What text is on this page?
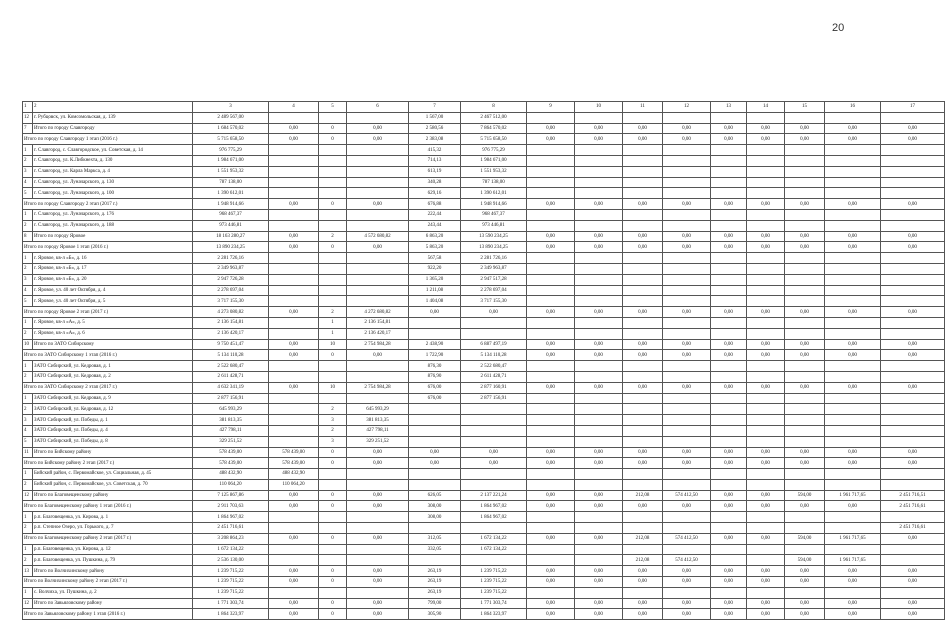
20
1	2	3	4	5	6	7	8	9	10	11	12	13	14	15	16	17
12	г. Рубцовск, ул. Комсомольская, д. 139	2 489 567,00				1 567,00	2 467 512,00									
7	Итого по городу Славгороду	1 684 570,02	0,00	0	0,00	2 580,56	7 864 570,02	0,00	0,00	0,00	0,00	0,00	0,00	0,00	0,00	0,00
Итого по городу Славгороду 1 этап (2016 г.)		5 715 658,50	0,00	0	0,00	2 383,08	5 715 658,50	0,00	0,00	0,00	0,00	0,00	0,00	0,00	0,00	0,00
1	г. Славгород, с. Славгородское, ул. Советская, д. 14	976 775,29				415,32	976 775,29									
2	г. Славгород, ул. К.Либкнехта, д. 130	1 984 671,00				714,13	1 984 671,00									
3	г. Славгород, ул. Карла Маркса, д. 4	1 551 953,32				613,19	1 551 953,32									
4	г. Славгород, ул. Луначарского, д. 130	787 138,00				340,28	787 138,00									
5	г. Славгород, ул. Луначарского, д. 100	1 390 612,01				629,16	1 390 612,01									
Итого по городу Славгороду 2 этап (2017 г.)		1 948 914,66	0,00	0	0,00	676,88	1 948 914,66	0,00	0,00	0,00	0,00	0,00	0,00	0,00	0,00	0,00
1	г. Славгород, ул. Луначарского, д. 176	968 467,37				222,44	968 467,37									
2	г. Славгород, ул. Луначарского, д. 188	973 446,81				243,44	973 446,81									
8	Итого по городу Яровое	18 163 280,27	0,00	2	4 572 680,82	6 863,20	13 590 234,25	0,00	0,00	0,00	0,00	0,00	0,00	0,00	0,00	0,00
Итого по городу Яровое 1 этап (2016 г.)		13 890 234,25	0,00	0	0,00	5 863,20	13 890 234,25	0,00	0,00	0,00	0,00	0,00	0,00	0,00	0,00	0,00
1	г. Яровое, кв-л «Б», д. 16	2 281 726,16				567,58	2 281 726,16									
2	г. Яровое, кв-л «Б», д. 17	2 349 963,87				922,20	2 349 963,87									
3	г. Яровое, кв-л «Б», д. 20	2 947 726,28				1 365,20	2 947 517,28									
4	г. Яровое, ул. 40 лет Октября, д. 4	2 278 697,04				1 211,08	2 278 697,04									
5	г. Яровое, ул. 40 лет Октября, д. 5	3 717 155,30				1 404,08	3 717 155,30									
Итого по городу Яровое 2 этап (2017 г.)		4 273 080,82	0,00	2	4 272 680,82	0,00	0,00	0,00	0,00	0,00	0,00	0,00	0,00	0,00	0,00	0,00
1	г. Яровое, кв-л «А», д. 5	2 136 154,81		1	2 136 154,81											
2	г. Яровое, кв-л «А», д. 6	2 136 420,17		1	2 136 420,17											
10	Итого по ЗАТО Сибирскому	9 750 451,47	0,00	10	2 754 984,28	2 438,90	6 887 497,19	0,00	0,00	0,00	0,00	0,00	0,00	0,00	0,00	0,00
Итого по ЗАТО Сибирскому 1 этап (2016 г.)		5 134 110,28	0,00	0	0,00	1 722,90	5 134 110,28	0,00	0,00	0,00	0,00	0,00	0,00	0,00	0,00	0,00
1	ЗАТО Сибирский, ул. Кедровая, д. 1	2 522 680,47				876,30	2 522 680,47									
2	ЗАТО Сибирский, ул. Кедровая, д. 2	2 611 428,71				876,90	2 611 428,71									
Итого по ЗАТО Сибирскому 2 этап (2017 г.)		4 632 341,19	0,00	10	2 754 984,28	676,00	2 877 160,91	0,00	0,00	0,00	0,00	0,00	0,00	0,00	0,00	0,00
1	ЗАТО Сибирский, ул. Кедровая, д. 9	2 877 156,91				676,00	2 877 156,91									
2	ЗАТО Сибирский, ул. Кедровая, д. 12	645 993,29		2	645 993,29											
3	ЗАТО Сибирский, ул. Победы, д. 1	381 813,35		3	381 813,35											
4	ЗАТО Сибирский, ул. Победы, д. 4	427 798,11		2	427 798,11											
5	ЗАТО Сибирский, ул. Победы, д. 8	329 251,52		3	329 251,52											
11	Итого по Бийскому району	578 439,00	578 439,00	0	0,00	0,00	0,00	0,00	0,00	0,00	0,00	0,00	0,00	0,00	0,00	0,00
Итого по Бийскому району 2 этап (2017 г.)		578 439,00	578 439,00	0	0,00	0,00	0,00	0,00	0,00	0,00	0,00	0,00	0,00	0,00	0,00	0,00
1	Бийский район, с. Первомайское, ул. Социальная, д. 45	488 432,90	488 432,90													
2	Бийский район, с. Первомайское, ул. Советская, д. 70	110 064,20	110 064,20													
12	Итого по Благовещенскому району	7 125 867,86	0,00	0	0,00	626,05	2 137 221,24	0,00	0,00	212,08	574 412,50	0,00	0,00	594,00	1 961 717,65	2 451 716,51
Итого по Благовещенскому району 1 этап (2016 г.)		2 911 703,63	0,00	0	0,00	308,00	1 864 967,02	0,00	0,00	0,00	0,00	0,00	0,00	0,00	0,00	2 451 716,61
1	р.п. Благовещенка, ул. Кирова, д. 1	1 864 967,02				308,00	1 864 967,02									
2	р.п. Степное Озеро, ул. Горького, д. 7	2 451 716,61														2 451 716,61
Итого по Благовещенскому району 2 этап (2017 г.)		3 208 864,23	0,00	0	0,00	312,05	1 672 134,22	0,00	0,00	212,08	574 412,50	0,00	0,00	594,00	1 961 717,65	0,00
1	р.п. Благовещенка, ул. Кирова, д. 12	1 672 134,22				332,05	1 672 134,22									
2	р.п. Благовещенка, ул. Пушкина, д. 79	2 536 130,00								212,08	574 412,50			594,00	1 961 717,65	
13	Итого по Волчихинскому району	1 239 715,22	0,00	0	0,00	263,19	1 239 715,22	0,00	0,00	0,00	0,00	0,00	0,00	0,00	0,00	0,00
Итого по Волчихинскому району 2 этап (2017 г.)		1 239 715,22	0,00	0	0,00	263,19	1 239 715,22	0,00	0,00	0,00	0,00	0,00	0,00	0,00	0,00	0,00
1	с. Волчиха, ул. Пушкина, д. 2	1 239 715,22				263,19	1 239 715,22									
12	Итого по Завьяловскому району	1 771 303,74	0,00	0	0,00	799,00	1 771 303,74	0,00	0,00	0,00	0,00	0,00	0,00	0,00	0,00	0,00
Итого по Завьяловскому району 1 этап (2016 г.)		1 864 323,97	0,00	0	0,00	305,90	1 864 323,97	0,00	0,00	0,00	0,00	0,00	0,00	0,00	0,00	0,00
